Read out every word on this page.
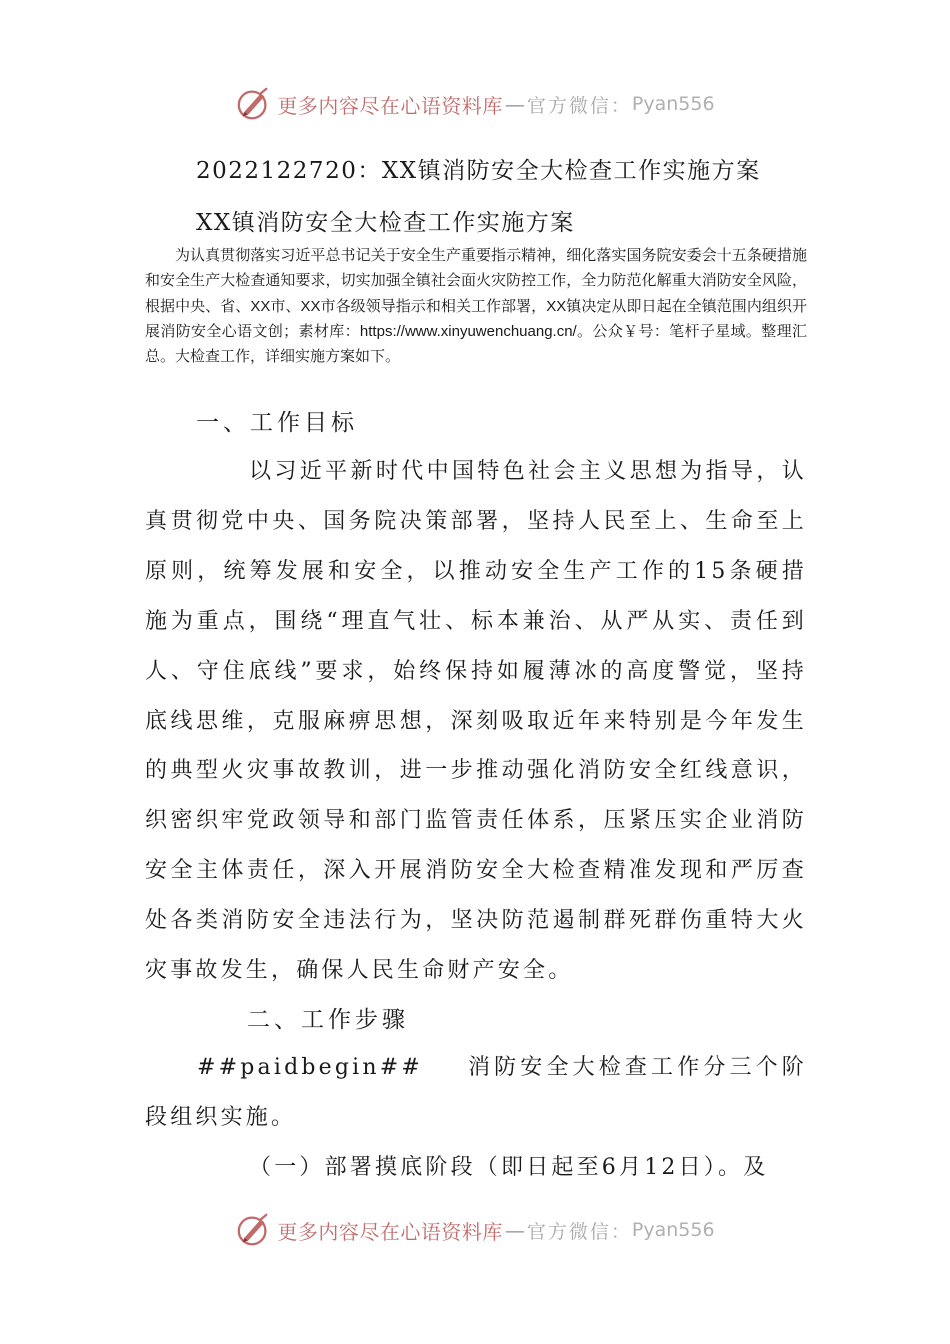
更多内容尽在心语资料库 — 官方微信： Pyan556
2022122720：XX镇消防安全大检查工作实施方案
XX镇消防安全大检查工作实施方案

为认真贯彻落实习近平总书记关于安全生产重要指示精神，细化落实国务院安委会十五条硬措施和安全生产大检查通知要求，切实加强全镇社会面火灾防控工作，全力防范化解重大消防安全风险，根据中央、省、XX市、XX市各级领导指示和相关工作部署，XX镇决定从即日起在全镇范围内组织开展消防安全心语文创；素材库：https://www.xinyuwenchuang.cn/。公众￥号：笔杆子星域。整理汇总。大检查工作，详细实施方案如下。

一、工作目标

以习近平新时代中国特色社会主义思想为指导，认真贯彻党中央、国务院决策部署，坚持人民至上、生命至上原则，统筹发展和安全，以推动安全生产工作的15条硬措施为重点，围绕“理直气壮、标本兼治、从严从实、责任到人、守住底线”要求，始终保持如履薄冰的高度警觉，坚持底线思维，克服麻痹思想，深刻吸取近年来特别是今年发生的典型火灾事故教训，进一步推动强化消防安全红线意识，织密织牢党政领导和部门监管责任体系，压紧压实企业消防安全主体责任，深入开展消防安全大检查精准发现和严厉查处各类消防安全违法行为，坚决防范遏制群死群伤重特大火灾事故发生，确保人民生命财产安全。

二、工作步骤

##paidbegin## 消防安全大检查工作分三个阶段组织实施。

（一）部署摸底阶段（即日起至6月12日）。及

更多内容尽在心语资料库 — 官方微信： Pyan556
